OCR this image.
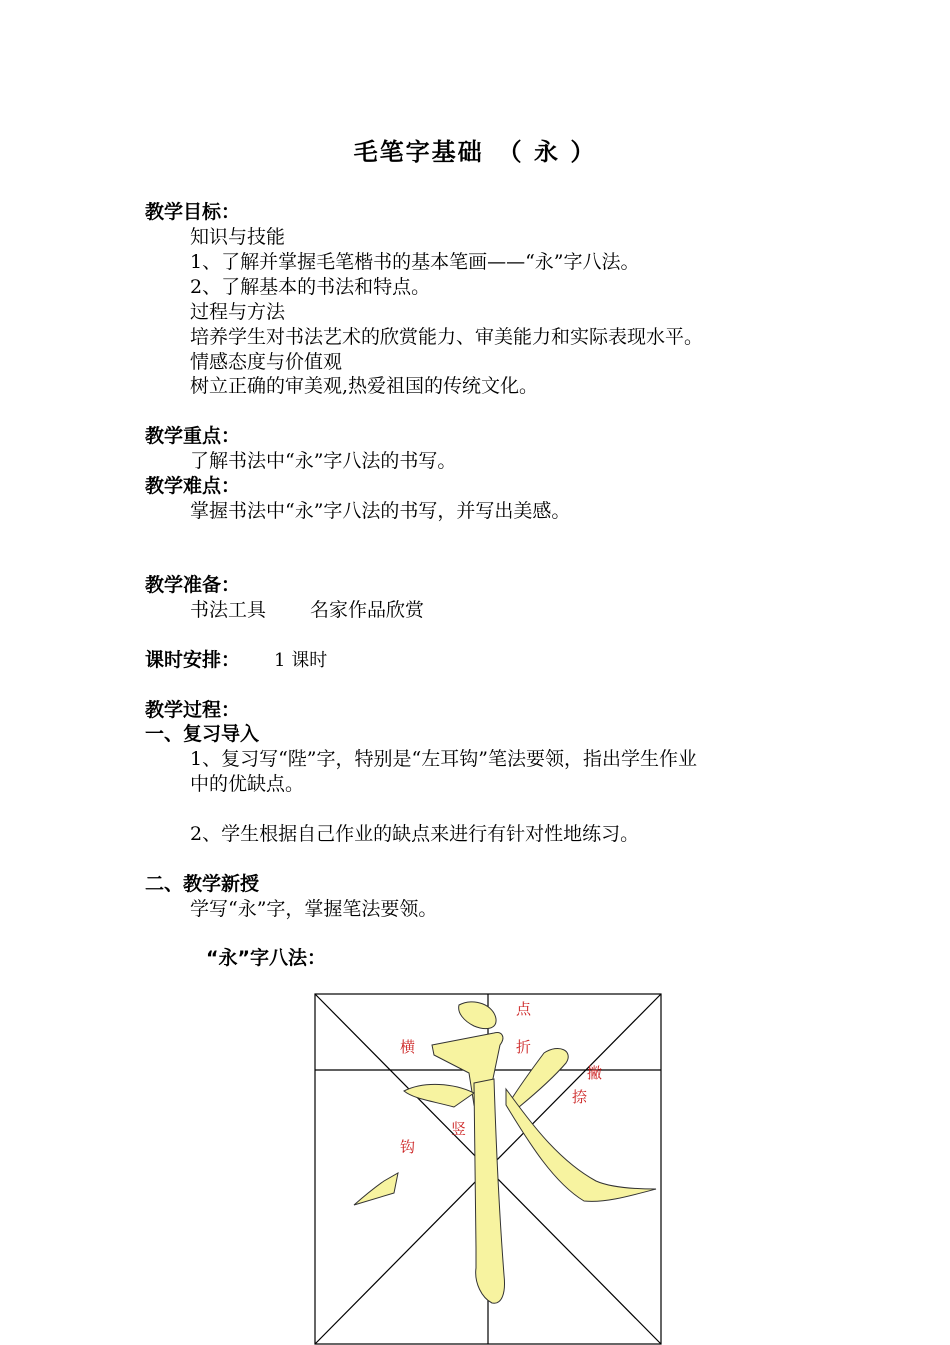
毛笔字基础　（ 永 ）
教学目标：
知识与技能
1、了解并掌握毛笔楷书的基本笔画——“永”字八法。
2、了解基本的书法和特点。
过程与方法
培养学生对书法艺术的欣赏能力、审美能力和实际表现水平。
情感态度与价值观
树立正确的审美观,热爱祖国的传统文化。
教学重点：
了解书法中“永”字八法的书写。
教学难点：
掌握书法中“永”字八法的书写，并写出美感。
教学准备：
书法工具 名家作品欣赏
课时安排： 1 课时
教学过程：
一、复习导入
1、复习写“陛”字，特别是“左耳钩”笔法要领，指出学生作业
中的优缺点。
2、学生根据自己作业的缺点来进行有针对性地练习。
二、教学新授
学写“永”字，掌握笔法要领。
“永”字八法：
点
横	折
撇
捺
竖
钩
